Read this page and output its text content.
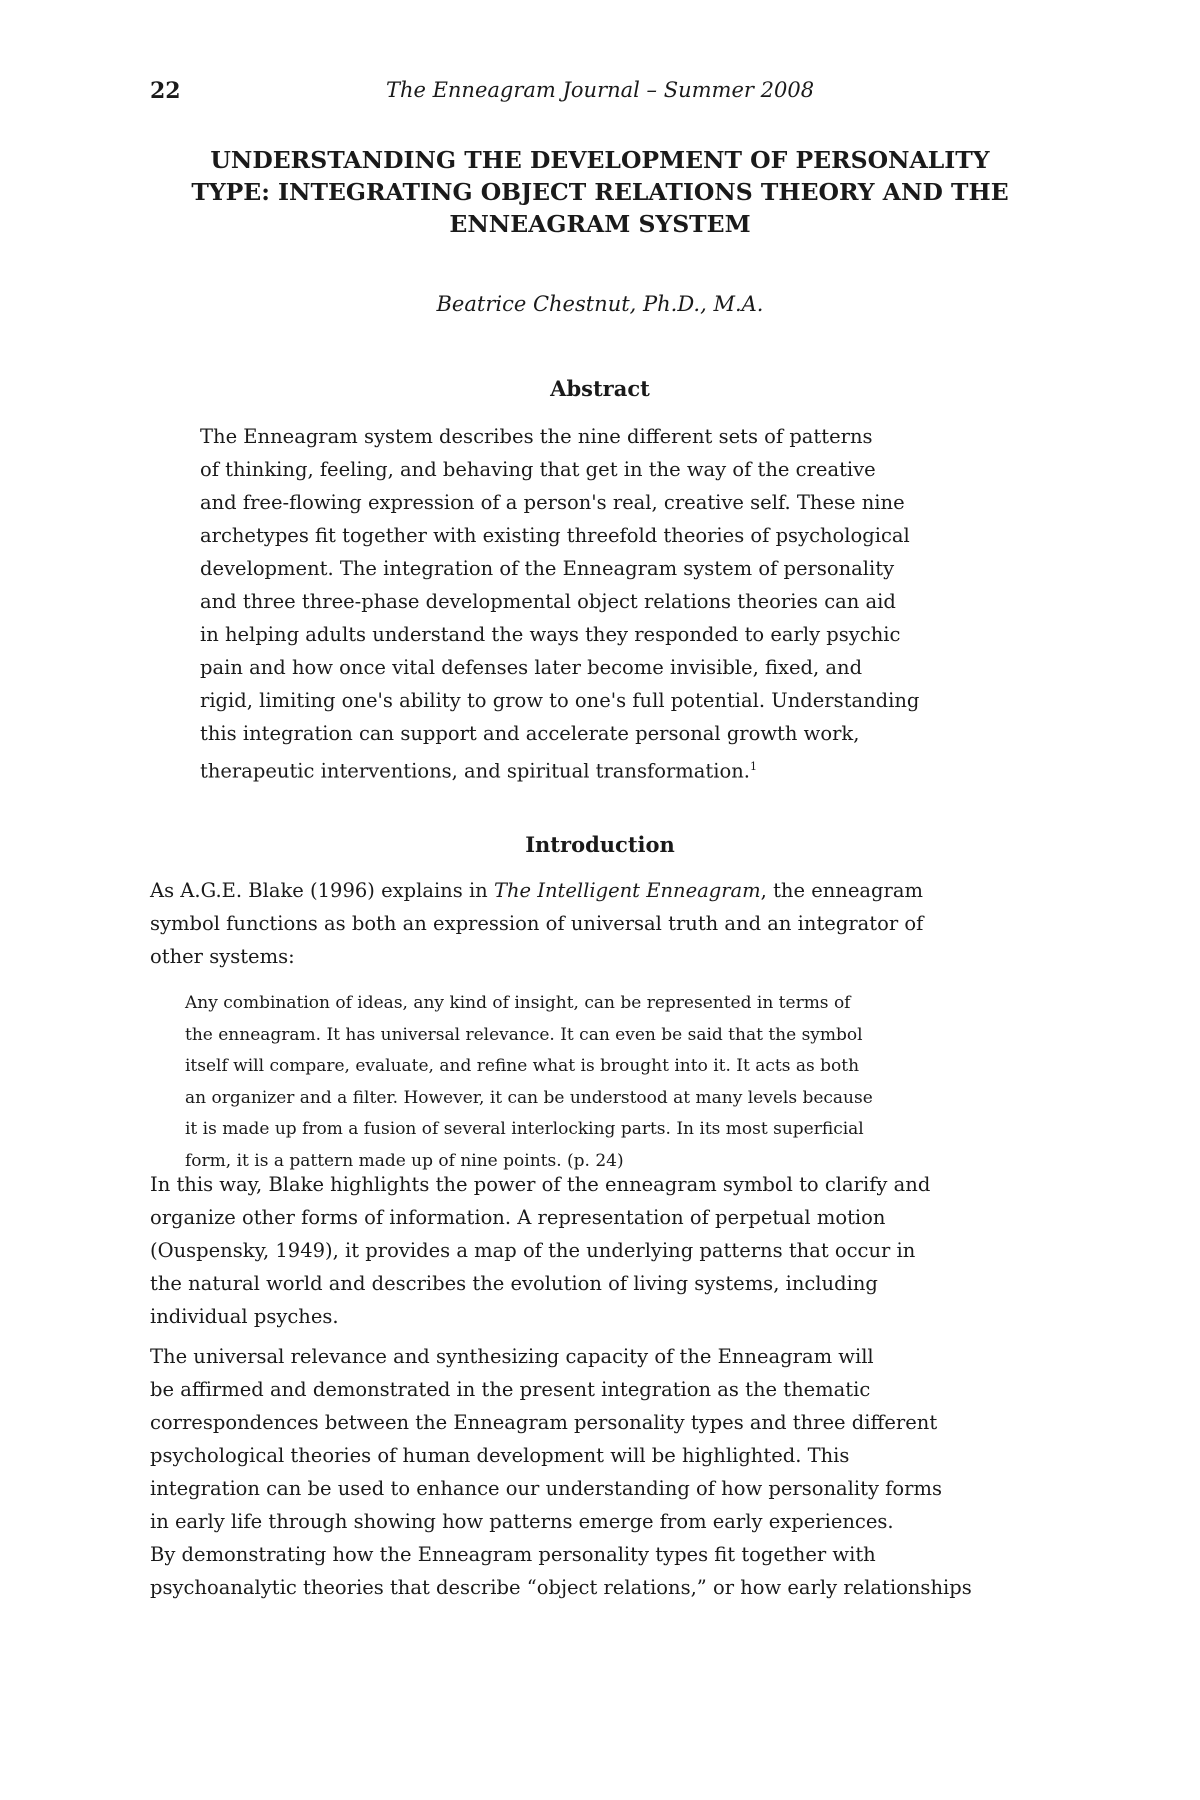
22	The Enneagram Journal – Summer 2008
UNDERSTANDING THE DEVELOPMENT OF PERSONALITY
TYPE: INTEGRATING OBJECT RELATIONS THEORY AND THE
ENNEAGRAM SYSTEM
Beatrice Chestnut, Ph.D., M.A.
Abstract
The Enneagram system describes the nine different sets of patterns
of thinking, feeling, and behaving that get in the way of the creative
and free-flowing expression of a person's real, creative self. These nine
archetypes fit together with existing threefold theories of psychological
development. The integration of the Enneagram system of personality
and three three-phase developmental object relations theories can aid
in helping adults understand the ways they responded to early psychic
pain and how once vital defenses later become invisible, fixed, and
rigid, limiting one's ability to grow to one's full potential. Understanding
this integration can support and accelerate personal growth work,
therapeutic interventions, and spiritual transformation.$^1$
Introduction
As A.G.E. Blake (1996) explains in The Intelligent Enneagram, the enneagram
symbol functions as both an expression of universal truth and an integrator of
other systems:
Any combination of ideas, any kind of insight, can be represented in terms of
the enneagram. It has universal relevance. It can even be said that the symbol
itself will compare, evaluate, and refine what is brought into it. It acts as both
an organizer and a filter. However, it can be understood at many levels because
it is made up from a fusion of several interlocking parts. In its most superficial
form, it is a pattern made up of nine points. (p. 24)
In this way, Blake highlights the power of the enneagram symbol to clarify and
organize other forms of information. A representation of perpetual motion
(Ouspensky, 1949), it provides a map of the underlying patterns that occur in
the natural world and describes the evolution of living systems, including
individual psyches.
The universal relevance and synthesizing capacity of the Enneagram will
be affirmed and demonstrated in the present integration as the thematic
correspondences between the Enneagram personality types and three different
psychological theories of human development will be highlighted. This
integration can be used to enhance our understanding of how personality forms
in early life through showing how patterns emerge from early experiences.
By demonstrating how the Enneagram personality types fit together with
psychoanalytic theories that describe “object relations,” or how early relationships
